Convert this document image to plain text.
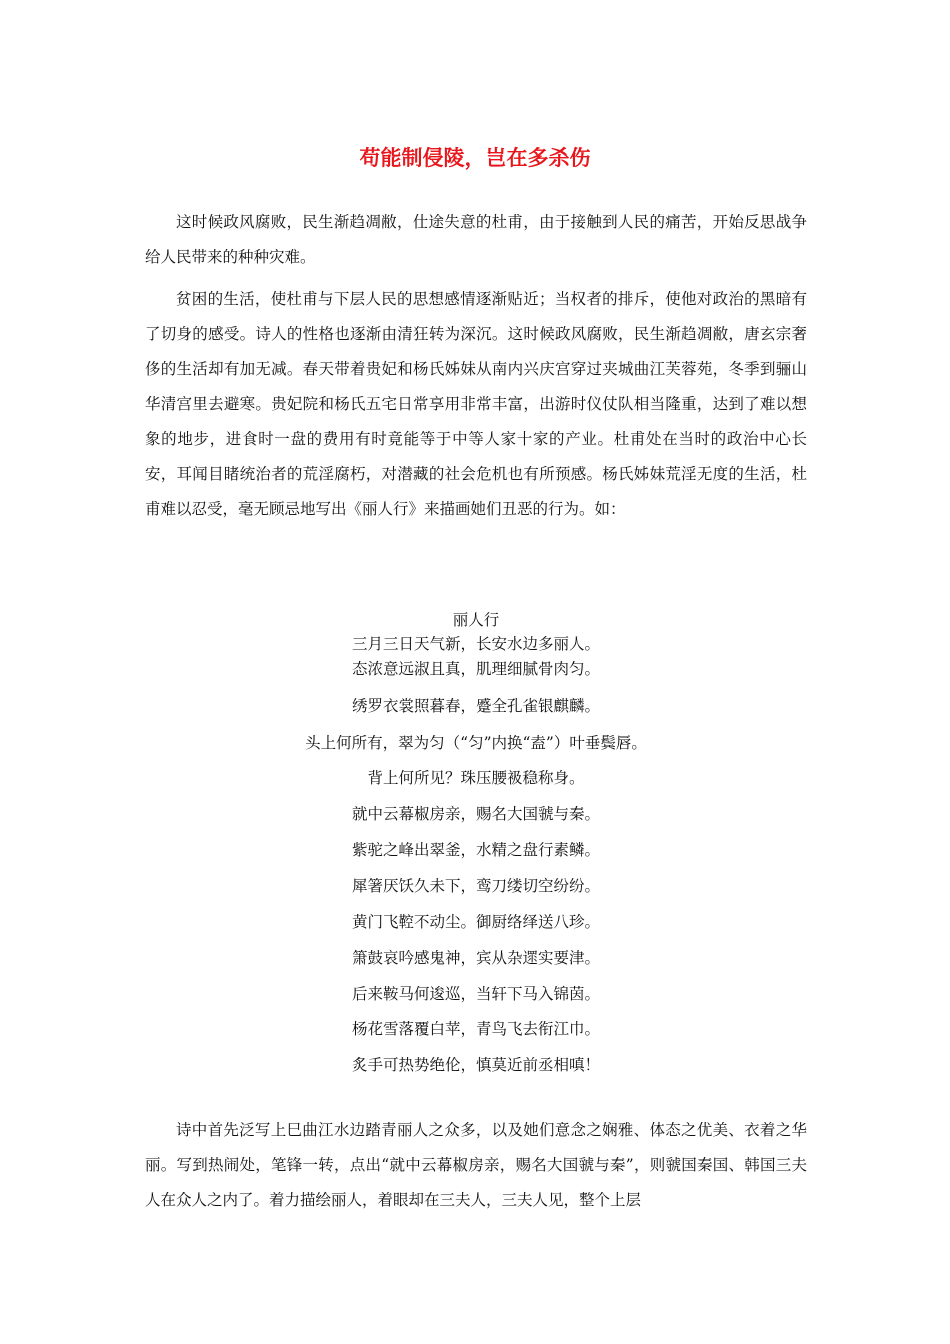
苟能制侵陵，岂在多杀伤

这时候政风腐败，民生渐趋凋敝，仕途失意的杜甫，由于接触到人民的痛苦，开始反思战争给人民带来的种种灾难。

贫困的生活，使杜甫与下层人民的思想感情逐渐贴近；当权者的排斥，使他对政治的黑暗有了切身的感受。诗人的性格也逐渐由清狂转为深沉。这时候政风腐败，民生渐趋凋敝，唐玄宗奢侈的生活却有加无减。春天带着贵妃和杨氏姊妹从南内兴庆宫穿过夹城曲江芙蓉苑，冬季到骊山华清宫里去避寒。贵妃院和杨氏五宅日常享用非常丰富，出游时仪仗队相当隆重，达到了难以想象的地步，进食时一盘的费用有时竟能等于中等人家十家的产业。杜甫处在当时的政治中心长安，耳闻目睹统治者的荒淫腐朽，对潜藏的社会危机也有所预感。杨氏姊妹荒淫无度的生活，杜甫难以忍受，毫无顾忌地写出《丽人行》来描画她们丑恶的行为。如：

丽人行

三月三日天气新，长安水边多丽人。

态浓意远淑且真，肌理细腻骨肉匀。

绣罗衣裳照暮春，蹙全孔雀银麒麟。

头上何所有，翠为匀（“匀”内换“盍”）叶垂鬓唇。

背上何所见？珠压腰衱稳称身。

就中云幕椒房亲，赐名大国虢与秦。

紫驼之峰出翠釜，水精之盘行素鳞。

犀箸厌饫久未下，鸾刀缕切空纷纷。

黄门飞鞚不动尘。御厨络绎送八珍。

箫鼓哀吟感鬼神，宾从杂遝实要津。

后来鞍马何逡巡，当轩下马入锦茵。

杨花雪落覆白苹，青鸟飞去衔江巾。

炙手可热势绝伦，慎莫近前丞相嗔！

诗中首先泛写上巳曲江水边踏青丽人之众多，以及她们意念之娴雅、体态之优美、衣着之华丽。写到热闹处，笔锋一转，点出“就中云幕椒房亲，赐名大国虢与秦”，则虢国秦国、韩国三夫人在众人之内了。着力描绘丽人，着眼却在三夫人，三夫人见，整个上层
